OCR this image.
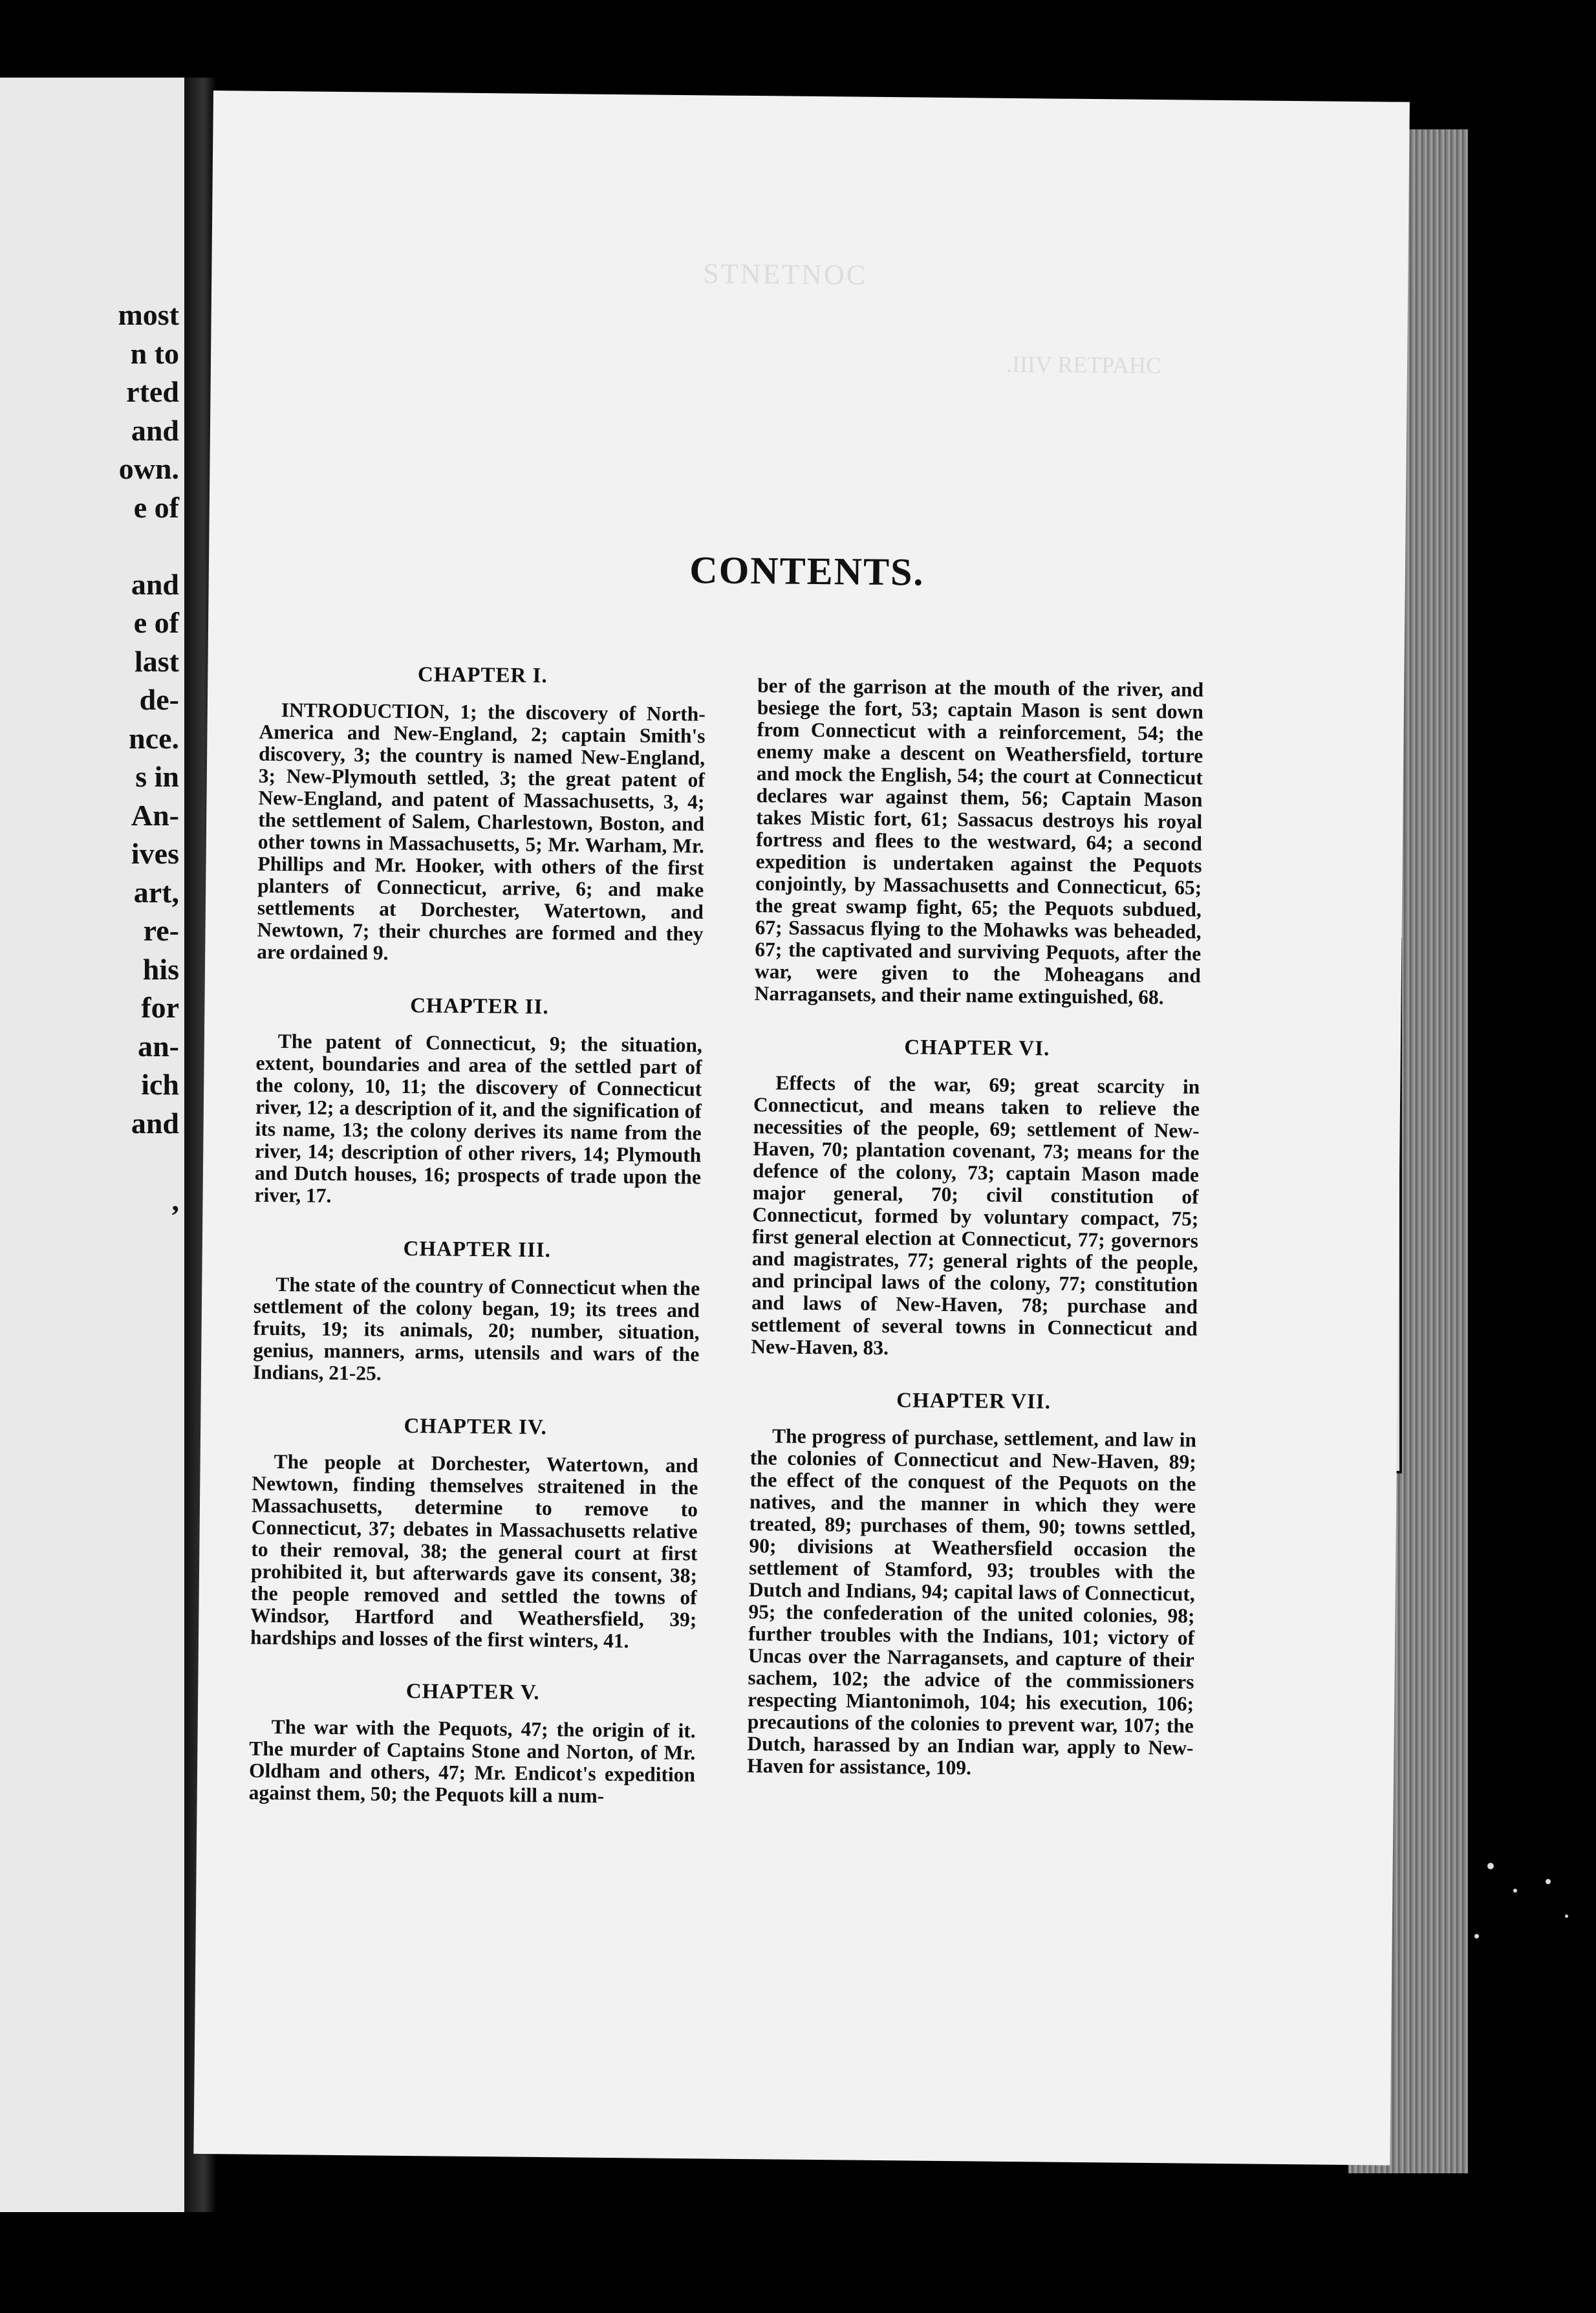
most
n to
rted
and
own.
e of
and
e of
last
de-
nce.
s in
An-
ives
art,
re-
his
for
an-
ich
and
,
STNETNOC
.IIIV RETPAHC
CONTENTS.
CHAPTER I.
INTRODUCTION, 1; the discovery of North-America and New-England, 2; captain Smith's discovery, 3; the country is named New-England, 3; New-Plymouth settled, 3; the great patent of New-England, and patent of Massachusetts, 3, 4; the settlement of Salem, Charlestown, Boston, and other towns in Massachusetts, 5; Mr. Warham, Mr. Phillips and Mr. Hooker, with others of the first planters of Connecticut, arrive, 6; and make settlements at Dorchester, Watertown, and Newtown, 7; their churches are formed and they are ordained 9.
CHAPTER II.
The patent of Connecticut, 9; the situation, extent, boundaries and area of the settled part of the colony, 10, 11; the discovery of Connecticut river, 12; a description of it, and the signification of its name, 13; the colony derives its name from the river, 14; description of other rivers, 14; Plymouth and Dutch houses, 16; prospects of trade upon the river, 17.
CHAPTER III.
The state of the country of Connecticut when the settlement of the colony began, 19; its trees and fruits, 19; its animals, 20; number, situation, genius, manners, arms, utensils and wars of the Indians, 21-25.
CHAPTER IV.
The people at Dorchester, Watertown, and Newtown, finding themselves straitened in the Massachusetts, determine to remove to Connecticut, 37; debates in Massachusetts relative to their removal, 38; the general court at first prohibited it, but afterwards gave its consent, 38; the people removed and settled the towns of Windsor, Hartford and Weathersfield, 39; hardships and losses of the first winters, 41.
CHAPTER V.
The war with the Pequots, 47; the origin of it. The murder of Captains Stone and Norton, of Mr. Oldham and others, 47; Mr. Endicot's expedition against them, 50; the Pequots kill a num-
ber of the garrison at the mouth of the river, and besiege the fort, 53; captain Mason is sent down from Connecticut with a reinforcement, 54; the enemy make a descent on Weathersfield, torture and mock the English, 54; the court at Connecticut declares war against them, 56; Captain Mason takes Mistic fort, 61; Sassacus destroys his royal fortress and flees to the westward, 64; a second expedition is undertaken against the Pequots conjointly, by Massachusetts and Connecticut, 65; the great swamp fight, 65; the Pequots subdued, 67; Sassacus flying to the Mohawks was beheaded, 67; the captivated and surviving Pequots, after the war, were given to the Moheagans and Narragansets, and their name extinguished, 68.
CHAPTER VI.
Effects of the war, 69; great scarcity in Connecticut, and means taken to relieve the necessities of the people, 69; settlement of New-Haven, 70; plantation covenant, 73; means for the defence of the colony, 73; captain Mason made major general, 70; civil constitution of Connecticut, formed by voluntary compact, 75; first general election at Connecticut, 77; governors and magistrates, 77; general rights of the people, and principal laws of the colony, 77; constitution and laws of New-Haven, 78; purchase and settlement of several towns in Connecticut and New-Haven, 83.
CHAPTER VII.
The progress of purchase, settlement, and law in the colonies of Connecticut and New-Haven, 89; the effect of the conquest of the Pequots on the natives, and the manner in which they were treated, 89; purchases of them, 90; towns settled, 90; divisions at Weathersfield occasion the settlement of Stamford, 93; troubles with the Dutch and Indians, 94; capital laws of Connecticut, 95; the confederation of the united colonies, 98; further troubles with the Indians, 101; victory of Uncas over the Narragansets, and capture of their sachem, 102; the advice of the commissioners respecting Miantonimoh, 104; his execution, 106; precautions of the colonies to prevent war, 107; the Dutch, harassed by an Indian war, apply to New-Haven for assistance, 109.
